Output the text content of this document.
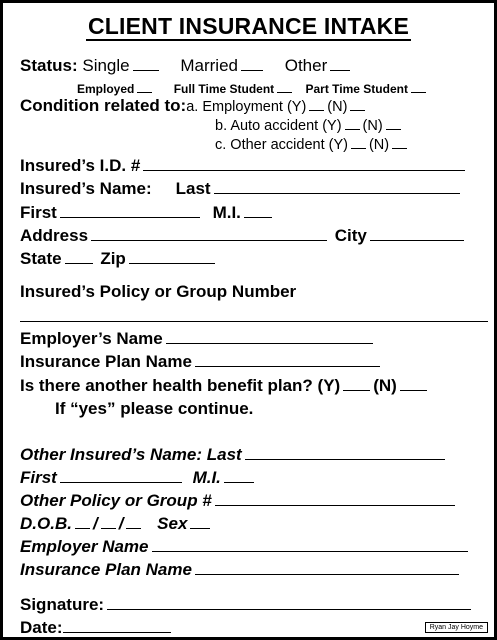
CLIENT INSURANCE INTAKE
Status: Single	Married	Other
Employed	Full Time Student	Part Time Student
Condition related to:a. Employment (Y) (N)
b. Auto accident (Y) (N)
c. Other accident (Y) (N)
Insured’s I.D. #
Insured’s Name: Last
First	M.I.
Address	City
State Zip
Insured’s Policy or Group Number
Employer’s Name
Insurance Plan Name
Is there another health benefit plan? (Y) (N)
If “yes” please continue.
Other Insured’s Name: Last
First	M.I.
Other Policy or Group #
D.O.B. / / Sex
Employer Name
Insurance Plan Name
Signature:
Date:	Ryan Jay Hoyme
